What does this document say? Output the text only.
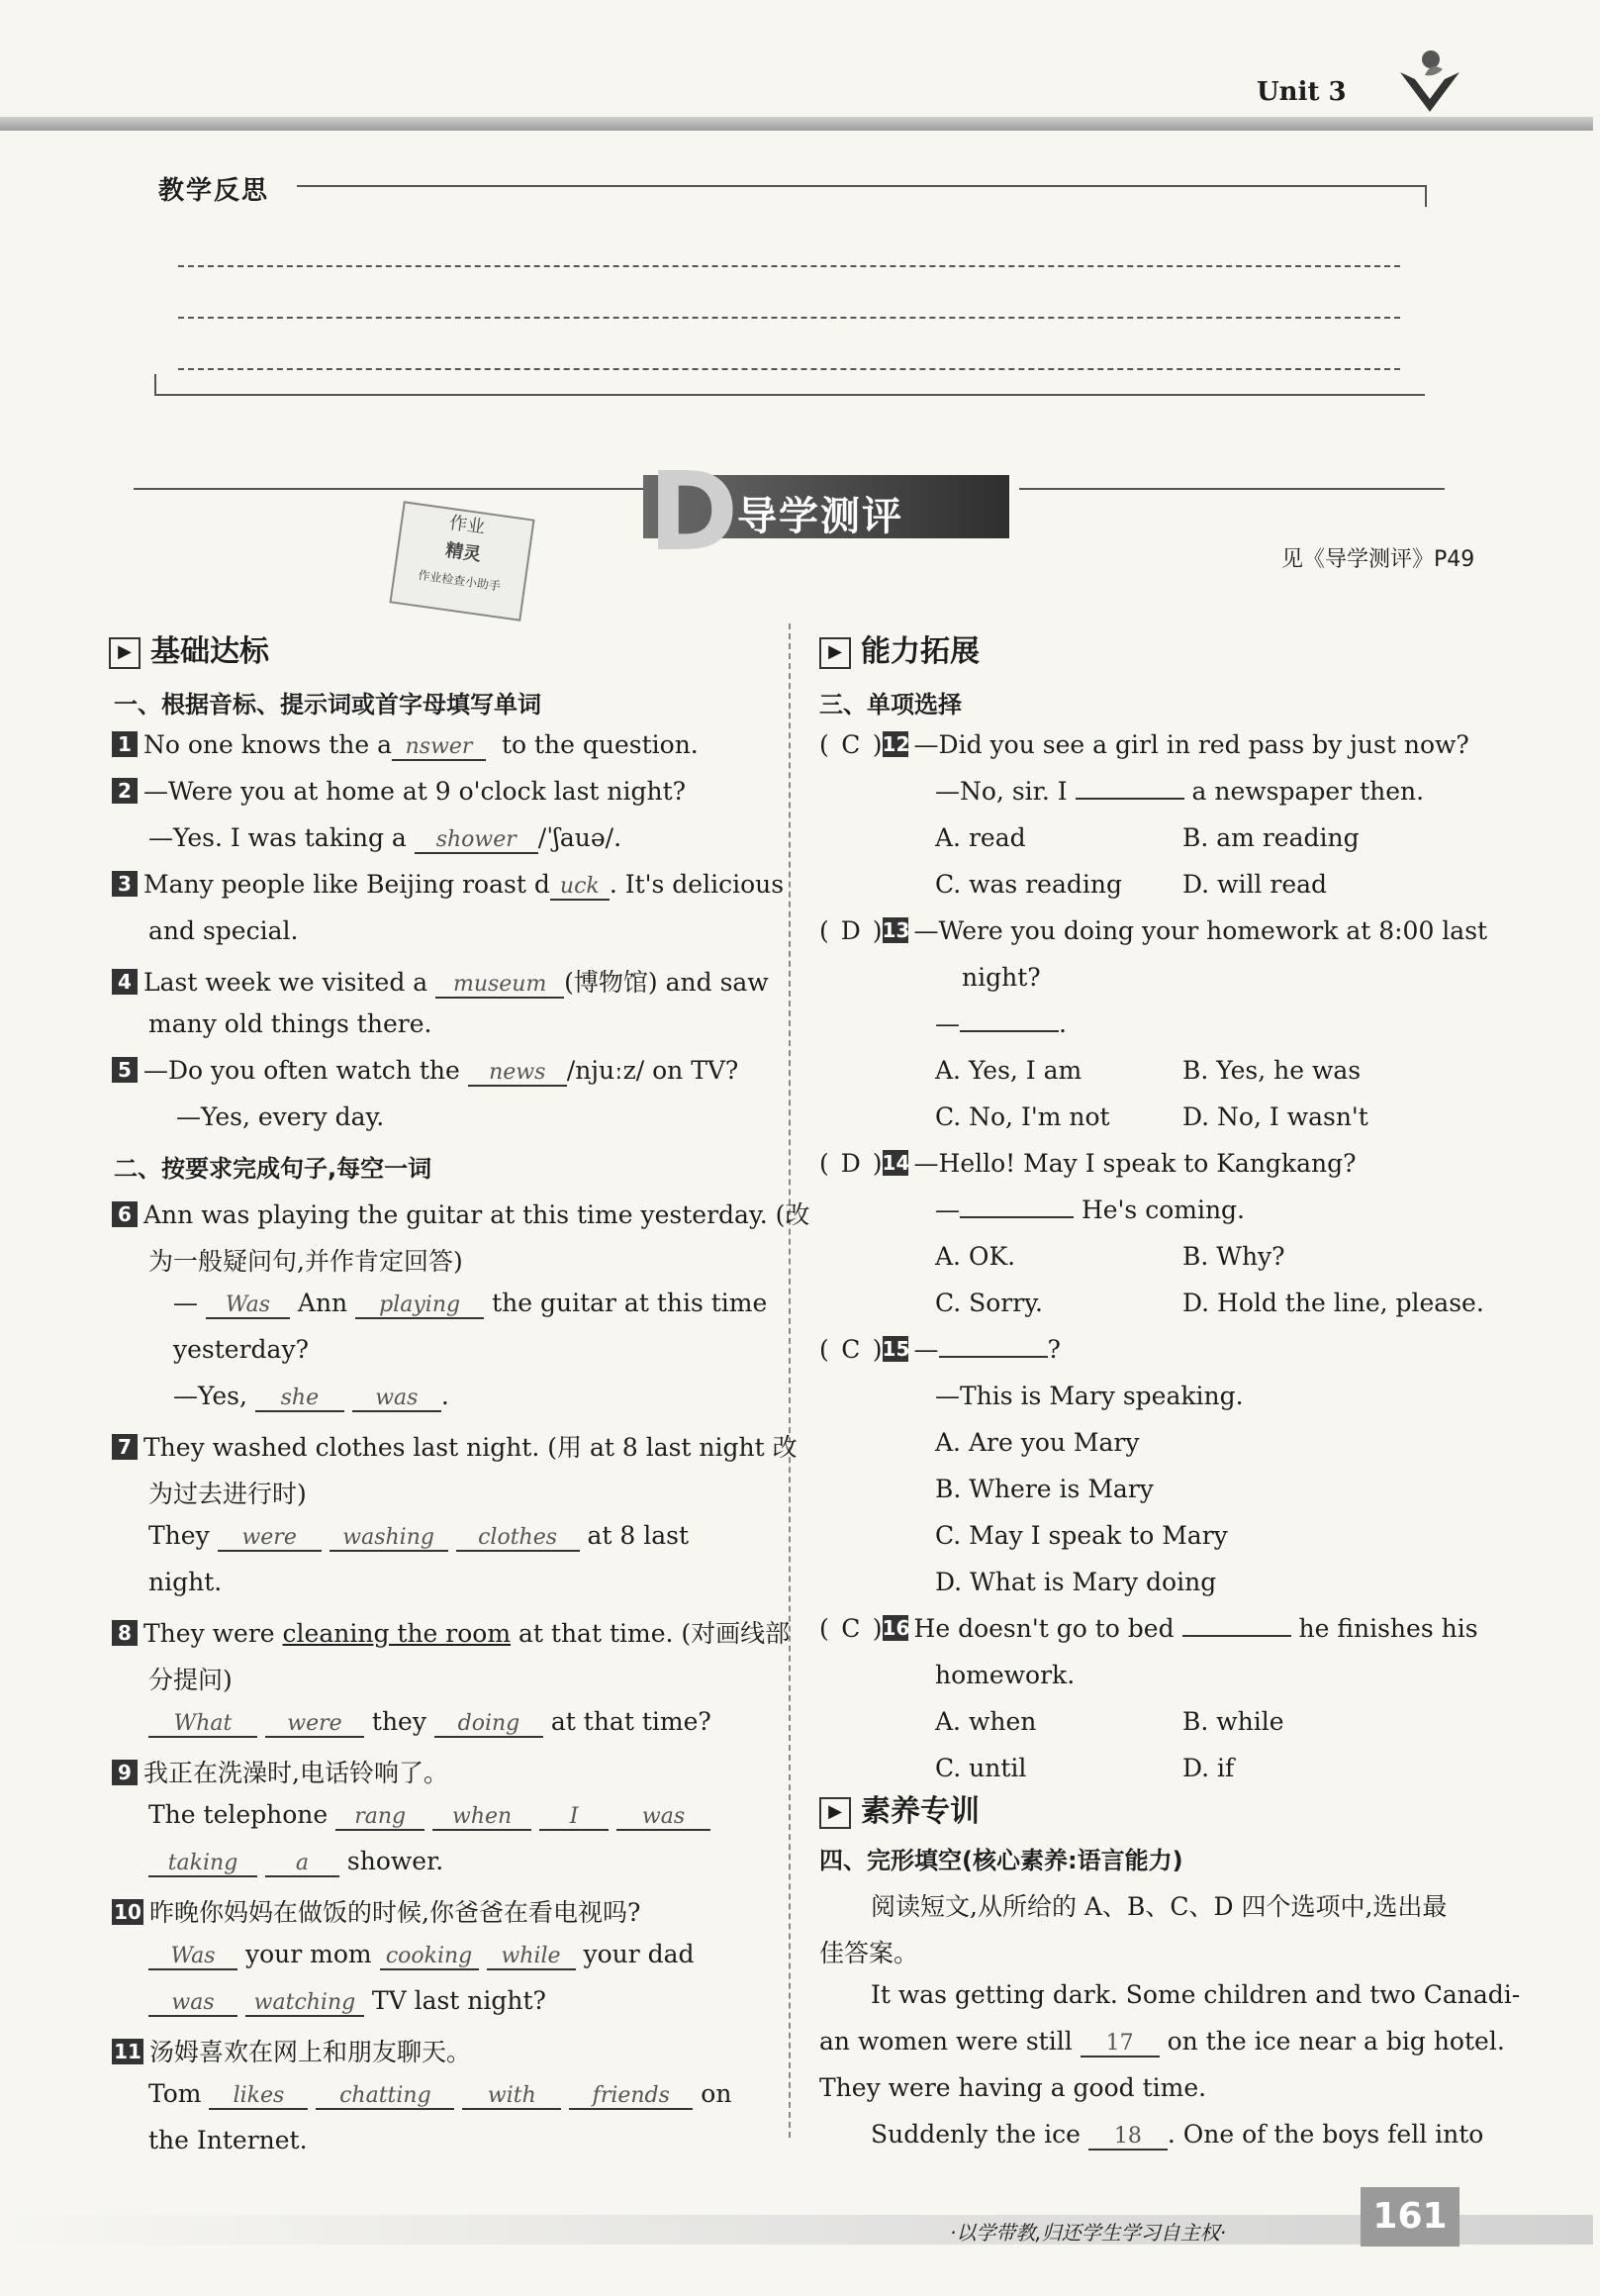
Unit 3
教学反思
D
导学测评
作业
精灵
作业检查小助手
见《导学测评》P49
▶ 基础达标
一、根据音标、提示词或首字母填写单词
1 No one knows the a nswer to the question.
2 —Were you at home at 9 o'clock last night?
—Yes. I was taking a shower /ˈʃauə/.
3 Many people like Beijing roast d uck . It's delicious
and special.
4 Last week we visited a museum (博物馆) and saw
many old things there.
5 —Do you often watch the news /njuːz/ on TV?
—Yes, every day.
二、按要求完成句子,每空一词
6 Ann was playing the guitar at this time yesterday. (改
为一般疑问句,并作肯定回答)
— Was Ann playing the guitar at this time
yesterday?
—Yes, she	was .
7 They washed clothes last night. (用 at 8 last night 改
为过去进行时)
They were washing clothes at 8 last
night.
8 They were cleaning the room at that time. (对画线部
分提问)
What	were they doing at that time?
9 我正在洗澡时,电话铃响了。
The telephone rang when	I	was
taking	a shower.
10 昨晚你妈妈在做饭的时候,你爸爸在看电视吗?
Was your mom cooking while your dad
was watching TV last night?
11 汤姆喜欢在网上和朋友聊天。
Tom likes	chatting	with	friends on
the Internet.
▶ 能力拓展
三、单项选择
( C )12 —Did you see a girl in red pass by just now?
—No, sir. I	a newspaper then.
A. read	B. am reading
C. was reading D. will read
( D )13 —Were you doing your homework at 8:00 last
night?
—	.
A. Yes, I am	B. Yes, he was
C. No, I'm not	D. No, I wasn't
( D )14 —Hello! May I speak to Kangkang?
—	He's coming.
A. OK.	B. Why?
C. Sorry.	D. Hold the line, please.
( C )15 —	?
—This is Mary speaking.
A. Are you Mary
B. Where is Mary
C. May I speak to Mary
D. What is Mary doing
( C )16 He doesn't go to bed	he finishes his
homework.
A. when	B. while
C. until	D. if
▶ 素养专训
四、完形填空(核心素养:语言能力)
阅读短文,从所给的 A、B、C、D 四个选项中,选出最
佳答案。
It was getting dark. Some children and two Canadi-
an women were still 17 on the ice near a big hotel.
They were having a good time.
Suddenly the ice 18 . One of the boys fell into
·以学带教,归还学生学习自主权·	161
